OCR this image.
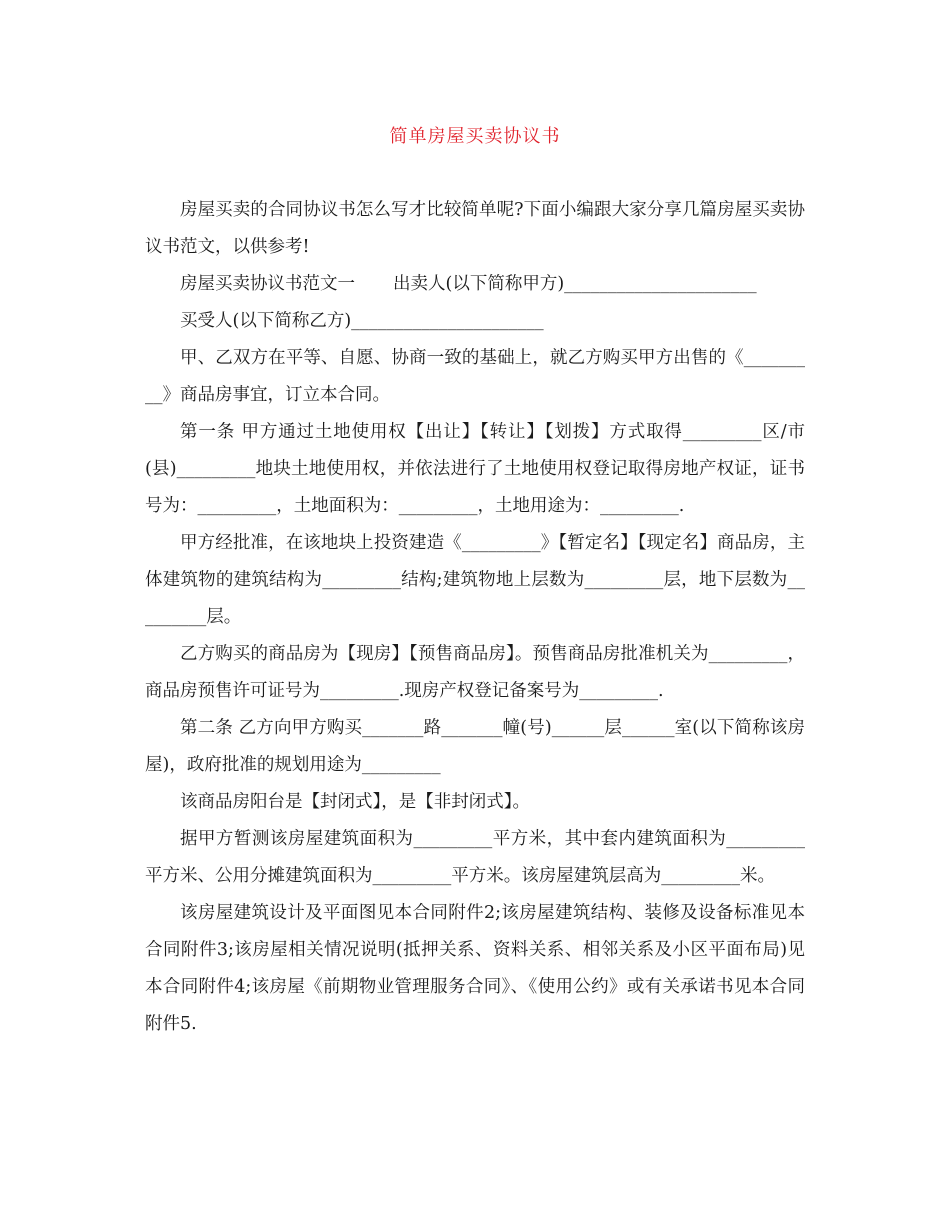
简单房屋买卖协议书

房屋买卖的合同协议书怎么写才比较简单呢?下面小编跟大家分享几篇房屋买卖协议书范文，以供参考!

房屋买卖协议书范文一 出卖人(以下简称甲方)______________________

买受人(以下简称乙方)______________________

甲、乙双方在平等、自愿、协商一致的基础上，就乙方购买甲方出售的《_________》商品房事宜，订立本合同。

第一条 甲方通过土地使用权【出让】【转让】【划拨】方式取得_________区/市(县)_________地块土地使用权，并依法进行了土地使用权登记取得房地产权证，证书号为：_________，土地面积为：_________，土地用途为：_________.

甲方经批准，在该地块上投资建造《_________》【暂定名】【现定名】商品房，主体建筑物的建筑结构为_________结构;建筑物地上层数为_________层，地下层数为_________层。

乙方购买的商品房为【现房】【预售商品房】。预售商品房批准机关为_________，商品房预售许可证号为_________.现房产权登记备案号为_________.

第二条 乙方向甲方购买_______路_______幢(号)______层______室(以下简称该房屋)，政府批准的规划用途为_________

该商品房阳台是【封闭式】，是【非封闭式】。

据甲方暂测该房屋建筑面积为_________平方米，其中套内建筑面积为_________平方米、公用分摊建筑面积为_________平方米。该房屋建筑层高为_________米。

该房屋建筑设计及平面图见本合同附件2;该房屋建筑结构、装修及设备标准见本合同附件3;该房屋相关情况说明(抵押关系、资料关系、相邻关系及小区平面布局)见本合同附件4;该房屋《前期物业管理服务合同》、《使用公约》或有关承诺书见本合同附件5.
